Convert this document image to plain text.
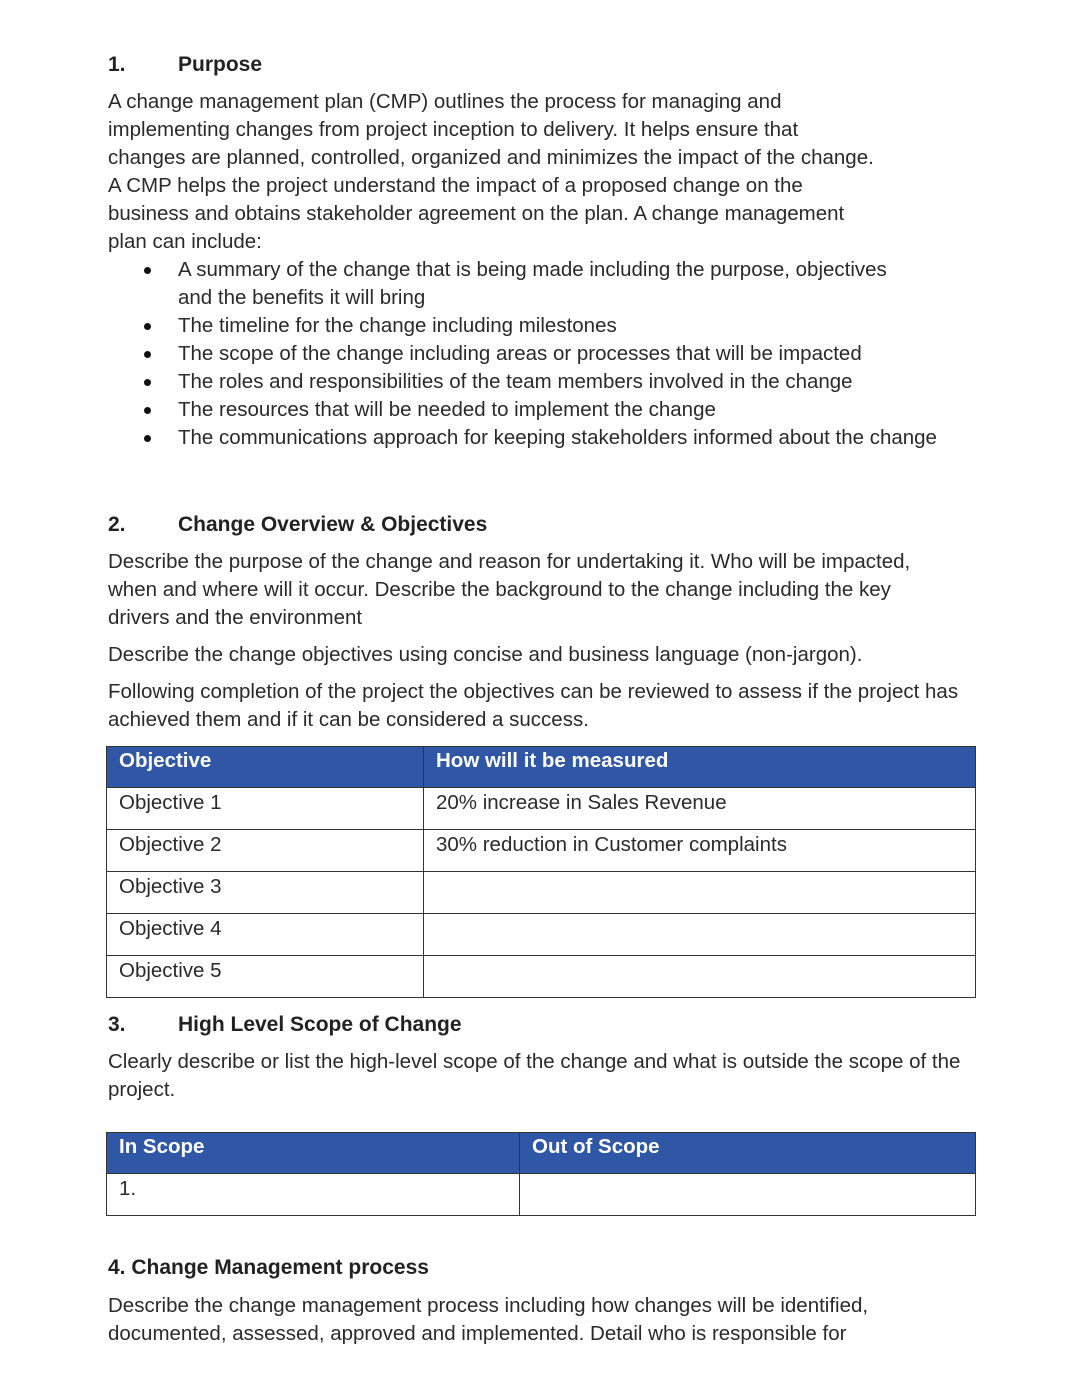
1. Purpose

A change management plan (CMP) outlines the process for managing and
implementing changes from project inception to delivery. It helps ensure that
changes are planned, controlled, organized and minimizes the impact of the change.
A CMP helps the project understand the impact of a proposed change on the
business and obtains stakeholder agreement on the plan. A change management
plan can include:

A summary of the change that is being made including the purpose, objectives and the benefits it will bring
The timeline for the change including milestones
The scope of the change including areas or processes that will be impacted
The roles and responsibilities of the team members involved in the change
The resources that will be needed to implement the change
The communications approach for keeping stakeholders informed about the change
2. Change Overview & Objectives

Describe the purpose of the change and reason for undertaking it. Who will be impacted, when and where will it occur. Describe the background to the change including the key drivers and the environment

Describe the change objectives using concise and business language (non-jargon).

Following completion of the project the objectives can be reviewed to assess if the project has achieved them and if it can be considered a success.

Objective	How will it be measured
Objective 1	20% increase in Sales Revenue
Objective 2	30% reduction in Customer complaints
Objective 3	
Objective 4	
Objective 5	
3. High Level Scope of Change

Clearly describe or list the high-level scope of the change and what is outside the scope of the project.

In Scope	Out of Scope
1.	
4. Change Management process

Describe the change management process including how changes will be identified, documented, assessed, approved and implemented. Detail who is responsible for
